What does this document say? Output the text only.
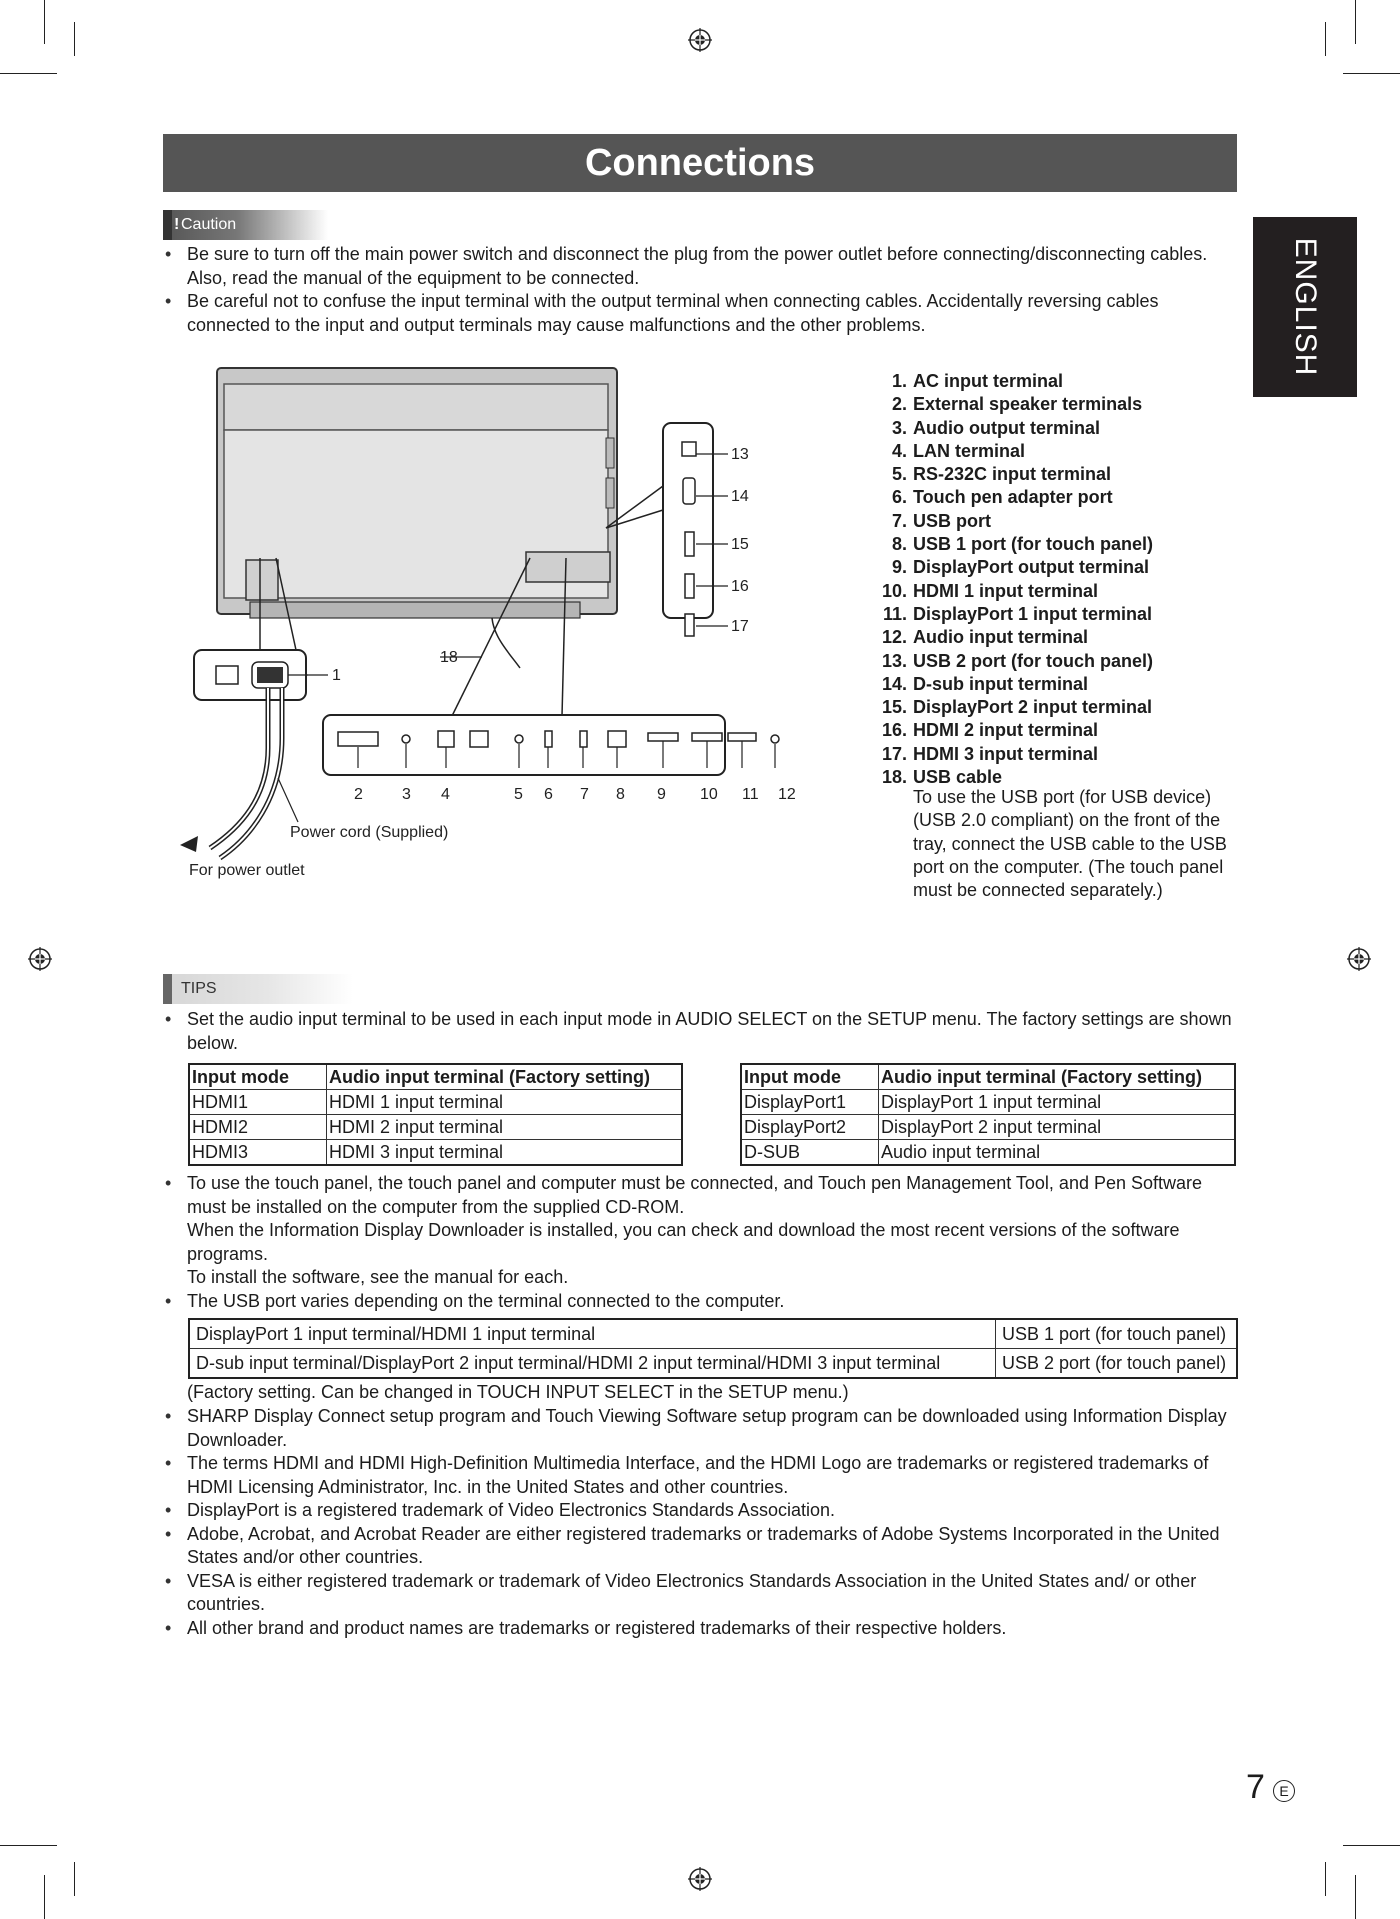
Connections
ENGLISH
! Caution
• Be sure to turn off the main power switch and disconnect the plug from the power outlet before connecting/disconnecting cables. Also, read the manual of the equipment to be connected.
• Be careful not to confuse the input terminal with the output terminal when connecting cables. Accidentally reversing cables connected to the input and output terminals may cause malfunctions and the other problems.
13
14
15
16
17
18
1
Power cord (Supplied)
For power outlet
2 3 4	5 6 7 8 9 10 11 12
1. AC input terminal
2. External speaker terminals
3. Audio output terminal
4. LAN terminal
5. RS-232C input terminal
6. Touch pen adapter port
7. USB port
8. USB 1 port (for touch panel)
9. DisplayPort output terminal
10. HDMI 1 input terminal
11. DisplayPort 1 input terminal
12. Audio input terminal
13. USB 2 port (for touch panel)
14. D-sub input terminal
15. DisplayPort 2 input terminal
16. HDMI 2 input terminal
17. HDMI 3 input terminal
18. USB cable
To use the USB port (for USB device) (USB 2.0 compliant) on the front of the tray, connect the USB cable to the USB port on the computer. (The touch panel must be connected separately.)
TIPS
• Set the audio input terminal to be used in each input mode in AUDIO SELECT on the SETUP menu. The factory settings are shown below.
Input mode	Audio input terminal (Factory setting)
HDMI1	HDMI 1 input terminal
HDMI2	HDMI 2 input terminal
HDMI3	HDMI 3 input terminal
Input mode	Audio input terminal (Factory setting)
DisplayPort1	DisplayPort 1 input terminal
DisplayPort2	DisplayPort 2 input terminal
D-SUB	Audio input terminal
• To use the touch panel, the touch panel and computer must be connected, and Touch pen Management Tool, and Pen Software must be installed on the computer from the supplied CD-ROM.
When the Information Display Downloader is installed, you can check and download the most recent versions of the software programs.
To install the software, see the manual for each.
• The USB port varies depending on the terminal connected to the computer.
DisplayPort 1 input terminal/HDMI 1 input terminal	USB 1 port (for touch panel)
D-sub input terminal/DisplayPort 2 input terminal/HDMI 2 input terminal/HDMI 3 input terminal	USB 2 port (for touch panel)
(Factory setting. Can be changed in TOUCH INPUT SELECT in the SETUP menu.)
• SHARP Display Connect setup program and Touch Viewing Software setup program can be downloaded using Information Display Downloader.
• The terms HDMI and HDMI High-Definition Multimedia Interface, and the HDMI Logo are trademarks or registered trademarks of HDMI Licensing Administrator, Inc. in the United States and other countries.
• DisplayPort is a registered trademark of Video Electronics Standards Association.
• Adobe, Acrobat, and Acrobat Reader are either registered trademarks or trademarks of Adobe Systems Incorporated in the United States and/or other countries.
• VESA is either registered trademark or trademark of Video Electronics Standards Association in the United States and/ or other countries.
• All other brand and product names are trademarks or registered trademarks of their respective holders.
7	E
